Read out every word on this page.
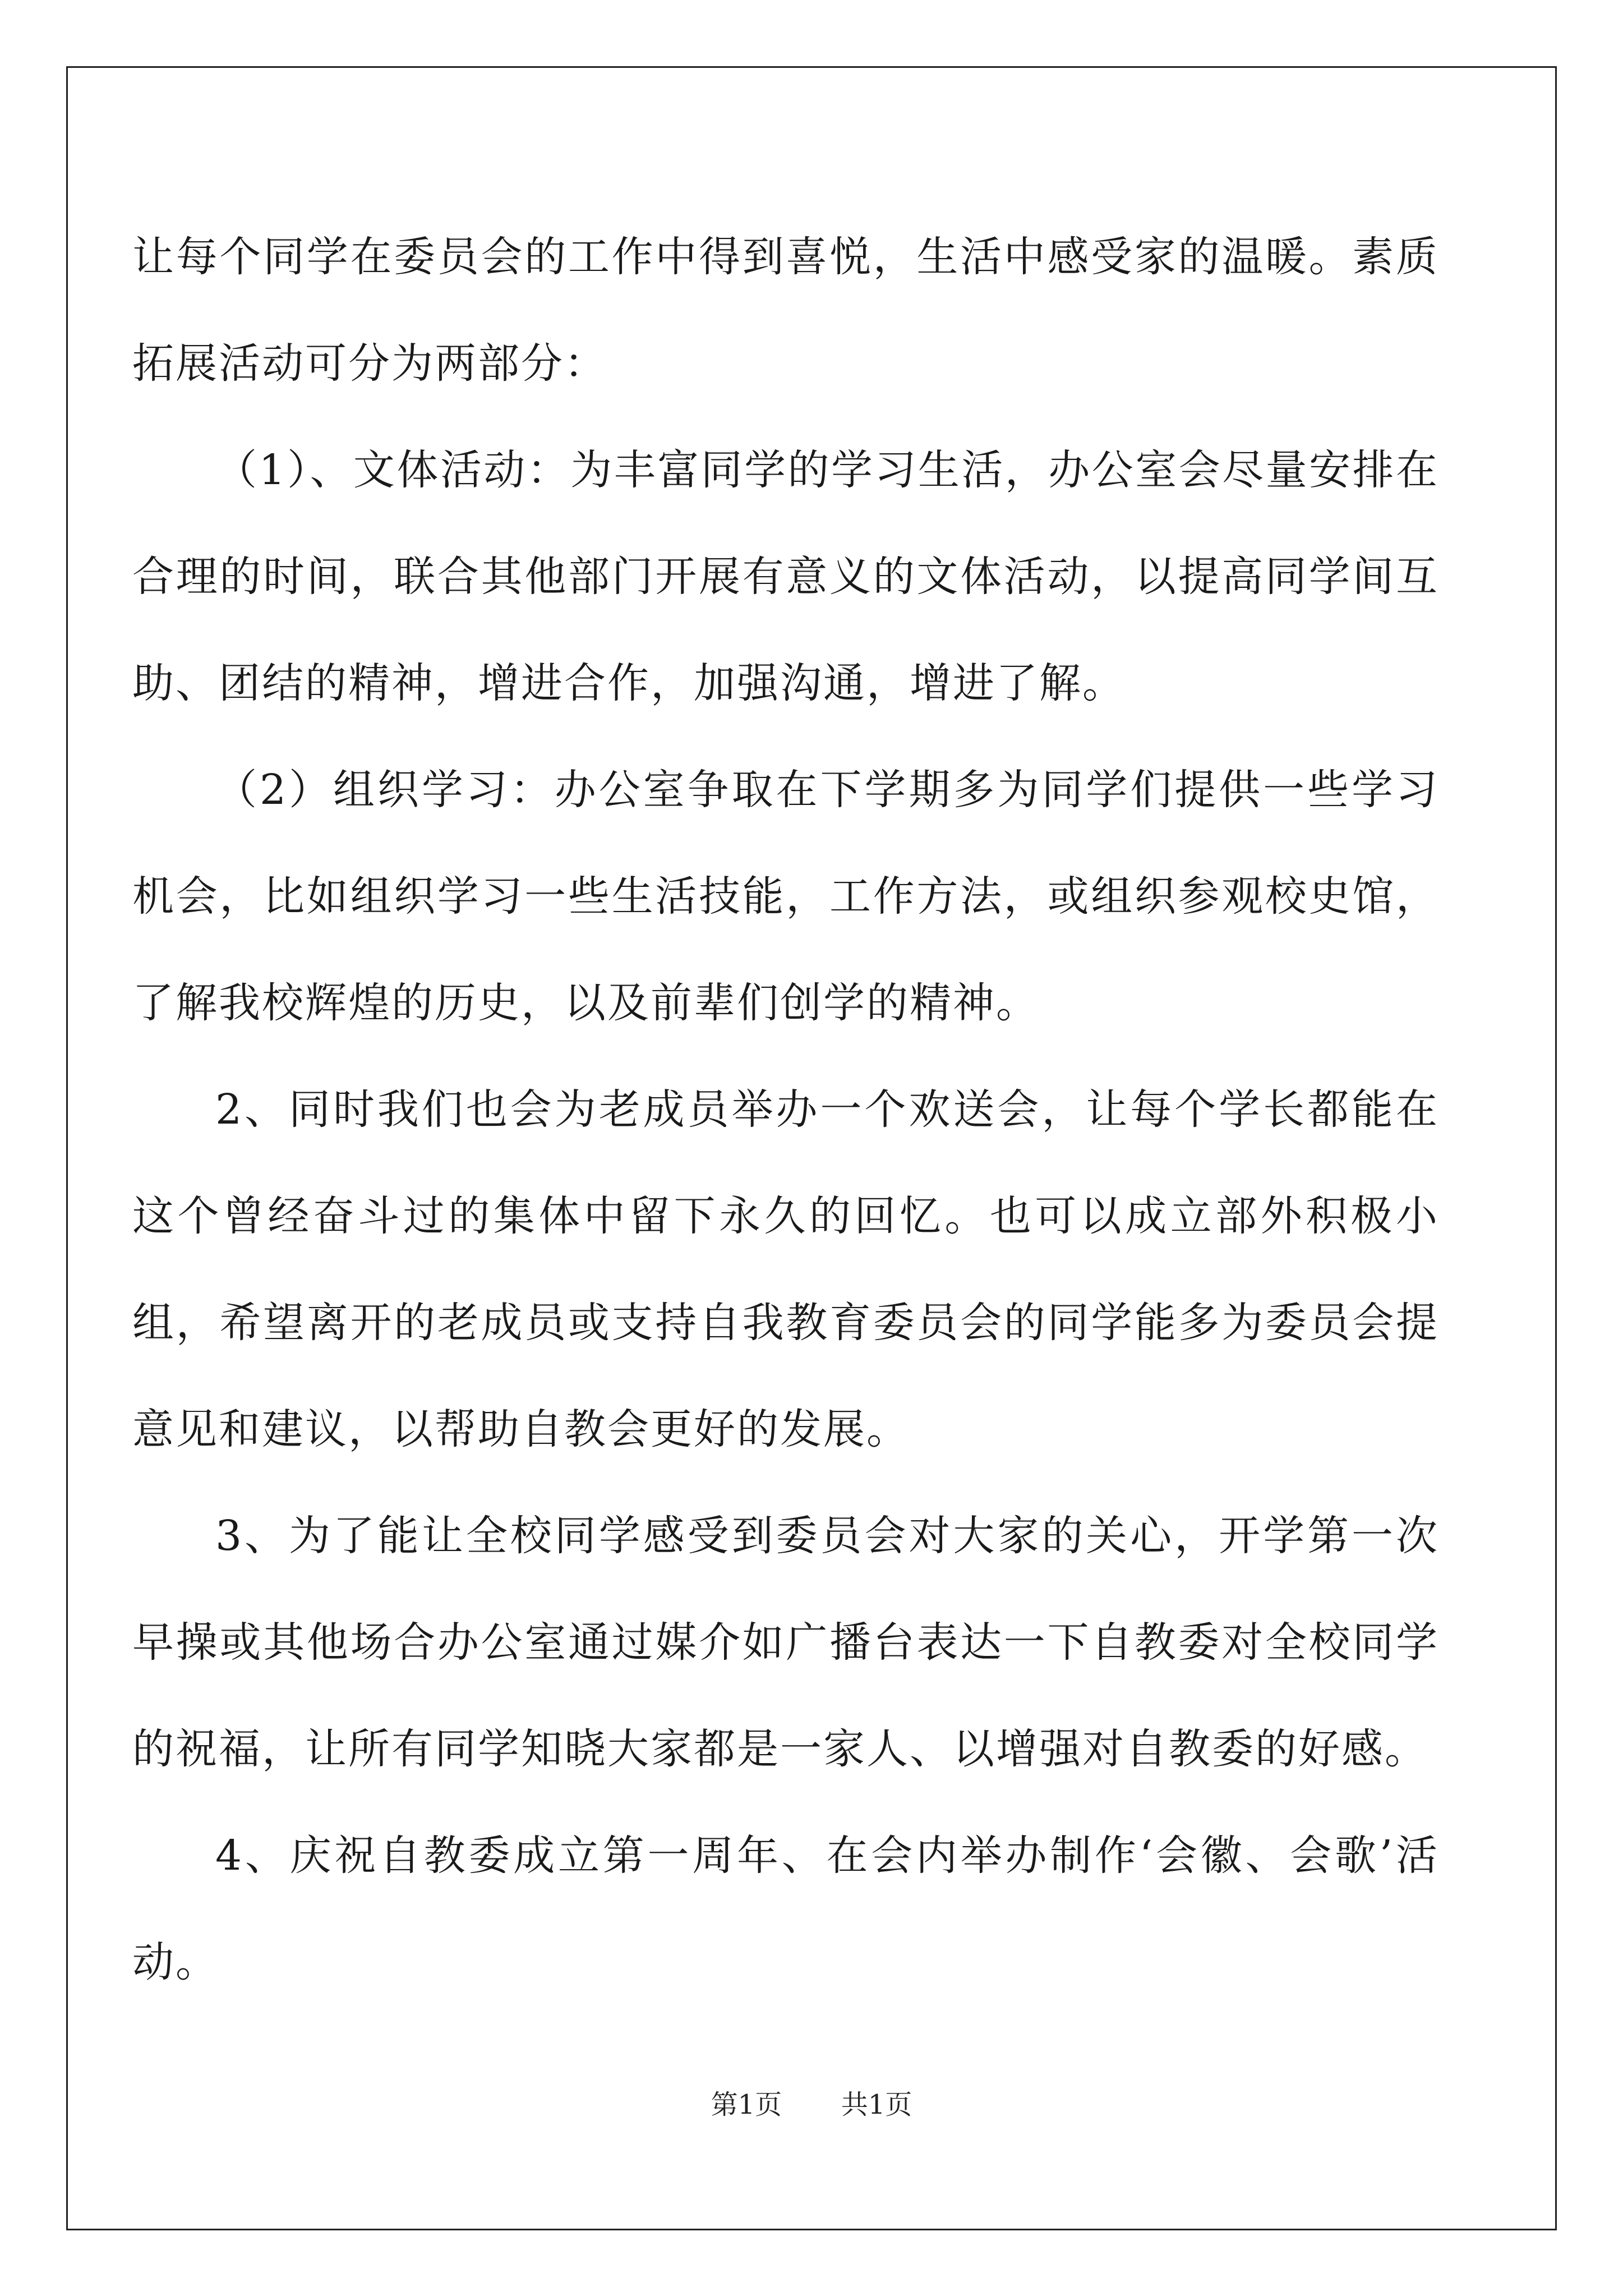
让每个同学在委员会的工作中得到喜悦，生活中感受家的温暖。素质拓展活动可分为两部分：

（1）、文体活动：为丰富同学的学习生活，办公室会尽量安排在合理的时间，联合其他部门开展有意义的文体活动，以提高同学间互助、团结的精神，增进合作，加强沟通，增进了解。

（2）组织学习：办公室争取在下学期多为同学们提供一些学习机会，比如组织学习一些生活技能，工作方法，或组织参观校史馆，了解我校辉煌的历史，以及前辈们创学的精神。

2、同时我们也会为老成员举办一个欢送会，让每个学长都能在这个曾经奋斗过的集体中留下永久的回忆。也可以成立部外积极小组，希望离开的老成员或支持自我教育委员会的同学能多为委员会提意见和建议，以帮助自教会更好的发展。

3、为了能让全校同学感受到委员会对大家的关心，开学第一次早操或其他场合办公室通过媒介如广播台表达一下自教委对全校同学的祝福，让所有同学知晓大家都是一家人、以增强对自教委的好感。

4、庆祝自教委成立第一周年、在会内举办制作‘会徽、会歌’活动。

第1页 共1页
